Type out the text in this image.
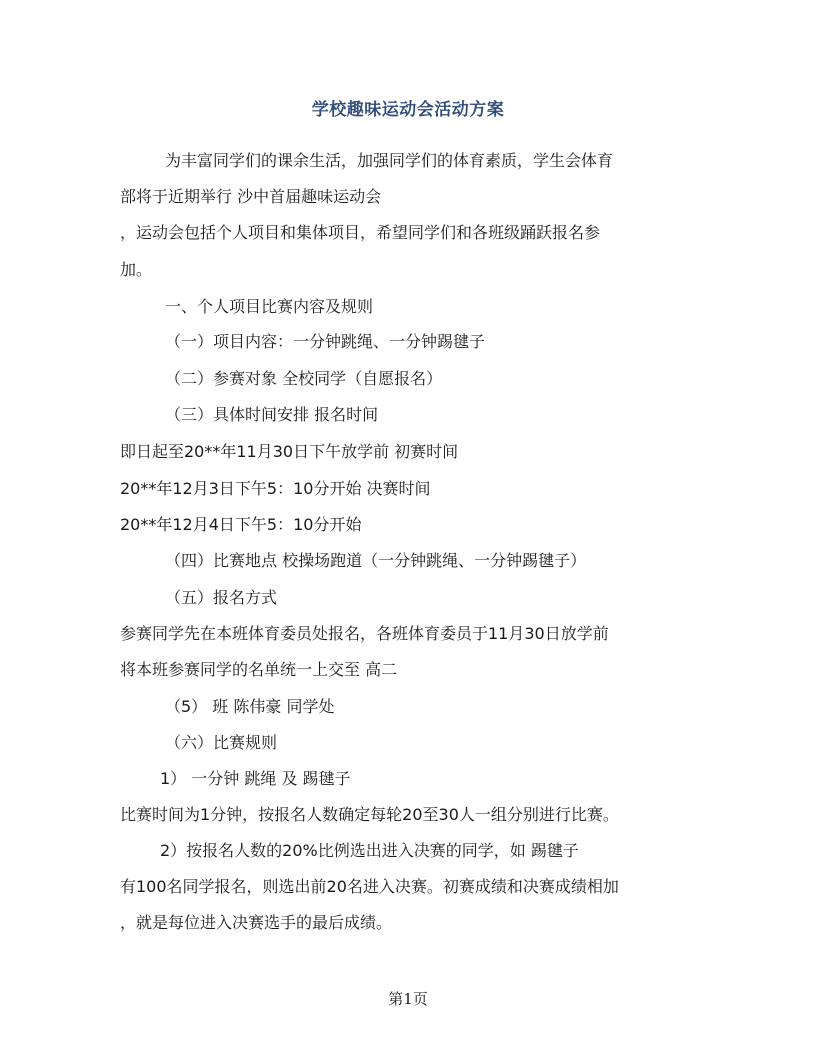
学校趣味运动会活动方案
为丰富同学们的课余生活，加强同学们的体育素质，学生会体育
部将于近期举行 沙中首届趣味运动会
，运动会包括个人项目和集体项目，希望同学们和各班级踊跃报名参
加。
一、个人项目比赛内容及规则
（一）项目内容：一分钟跳绳、一分钟踢毽子
（二）参赛对象 全校同学（自愿报名）
（三）具体时间安排 报名时间
即日起至20**年11月30日下午放学前 初赛时间
20**年12月3日下午5：10分开始 决赛时间
20**年12月4日下午5：10分开始
（四）比赛地点 校操场跑道（一分钟跳绳、一分钟踢毽子）
（五）报名方式
参赛同学先在本班体育委员处报名，各班体育委员于11月30日放学前
将本班参赛同学的名单统一上交至 高二
（5） 班 陈伟豪 同学处
（六）比赛规则
1） 一分钟 跳绳 及 踢毽子
比赛时间为1分钟，按报名人数确定每轮20至30人一组分别进行比赛。
2）按报名人数的20%比例选出进入决赛的同学，如 踢毽子
有100名同学报名，则选出前20名进入决赛。初赛成绩和决赛成绩相加
，就是每位进入决赛选手的最后成绩。
第1页
